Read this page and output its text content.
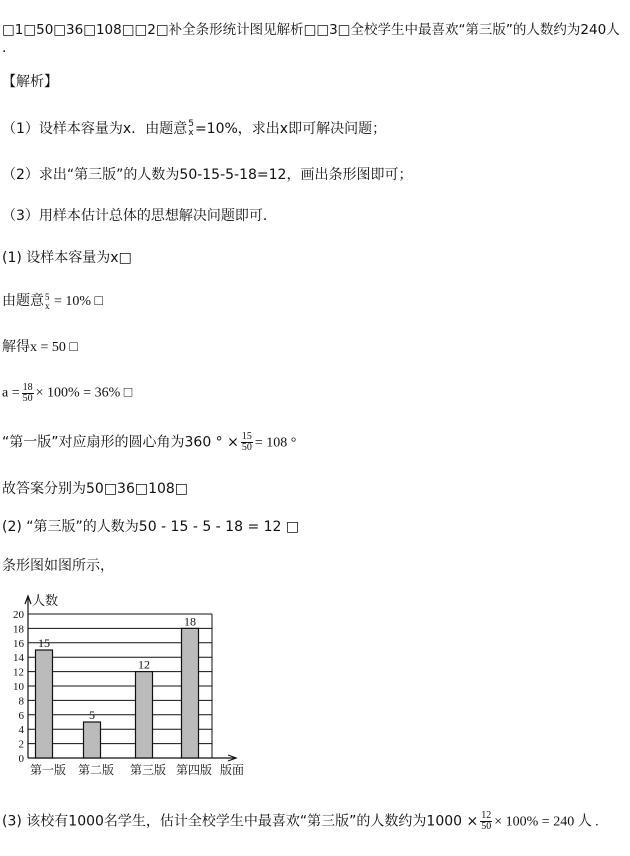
□1□50□36□108□□2□补全条形统计图见解析□□3□全校学生中最喜欢“第三版”的人数约为240人
.
【解析】
（1）设样本容量为x．由题意 5
x =10%，求出x即可解决问题；
（2）求出“第三版”的人数为50-15-5-18=12，画出条形图即可；
（3）用样本估计总体的思想解决问题即可．
(1) 设样本容量为x□
由题意 5
x = 10% □
解得x = 50 □
$a = \frac{18}{50} \times 100\% = 36\%$ □
“第一版”对应扇形的圆心角为360 ° × $\frac{15}{50} = 108$ °
故答案分别为50□36□108□
(2) “第三版”的人数为50 - 15 - 5 - 18 = 12 □
条形图如图所示，
0
2
4
6
8
10
12
14
16
18
20
人数
15
第一版
5
第二版
12
第三版
18
第四版 版面
(3) 该校有1000名学生，估计全校学生中最喜欢“第三版”的人数约为$1000 \times \frac{12}{50} \times 100\% = 240$ 人 .
